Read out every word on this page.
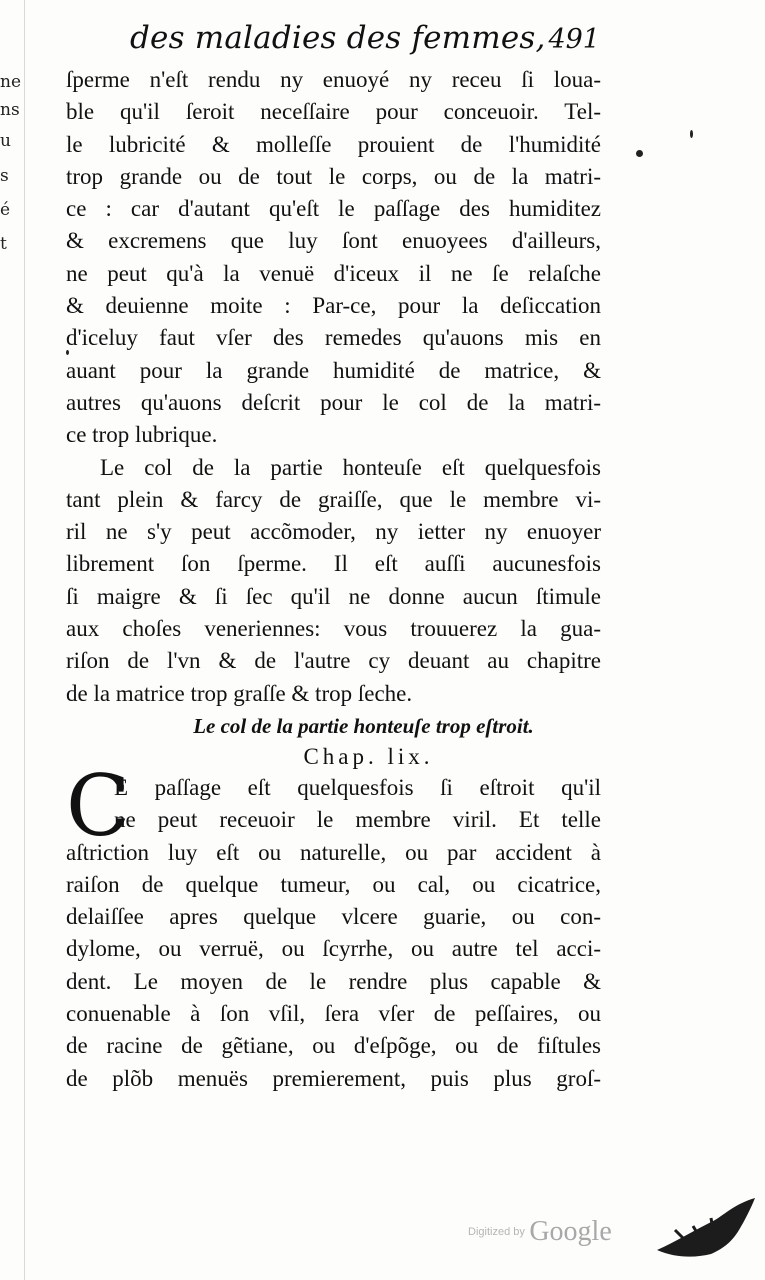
ne
ns
u
s
é
t
des maladies des femmes, 491
ſperme n'eſt rendu ny enuoyé ny receu ſi loua-
ble qu'il ſeroit neceſſaire pour conceuoir. Tel-
le lubricité & molleſſe prouient de l'humidité
trop grande ou de tout le corps, ou de la matri-
ce : car d'autant qu'eſt le paſſage des humiditez
& excremens que luy ſont enuoyees d'ailleurs,
ne peut qu'à la venuë d'iceux il ne ſe relaſche
& deuienne moite : Par-ce, pour la deſiccation
d'iceluy faut vſer des remedes qu'auons mis en
auant pour la grande humidité de matrice, &
autres qu'auons deſcrit pour le col de la matri-
ce trop lubrique.
Le col de la partie honteuſe eſt quelquesfois
tant plein & farcy de graiſſe, que le membre vi-
ril ne s'y peut accõmoder, ny ietter ny enuoyer
librement ſon ſperme. Il eſt auſſi aucunesfois
ſi maigre & ſi ſec qu'il ne donne aucun ſtimule
aux choſes veneriennes: vous trouuerez la gua-
riſon de l'vn & de l'autre cy deuant au chapitre
de la matrice trop graſſe & trop ſeche.
Le col de la partie honteuſe trop eſtroit.
Chap. lix.
C
E paſſage eſt quelquesfois ſi eſtroit qu'il
ne peut receuoir le membre viril. Et telle
aſtriction luy eſt ou naturelle, ou par accident à
raiſon de quelque tumeur, ou cal, ou cicatrice,
delaiſſee apres quelque vlcere guarie, ou con-
dylome, ou verruë, ou ſcyrrhe, ou autre tel acci-
dent. Le moyen de le rendre plus capable &
conuenable à ſon vſil, ſera vſer de peſſaires, ou
de racine de gẽtiane, ou d'eſpõge, ou de fiſtules
de plõb menuës premierement, puis plus groſ-
Digitized by Google
